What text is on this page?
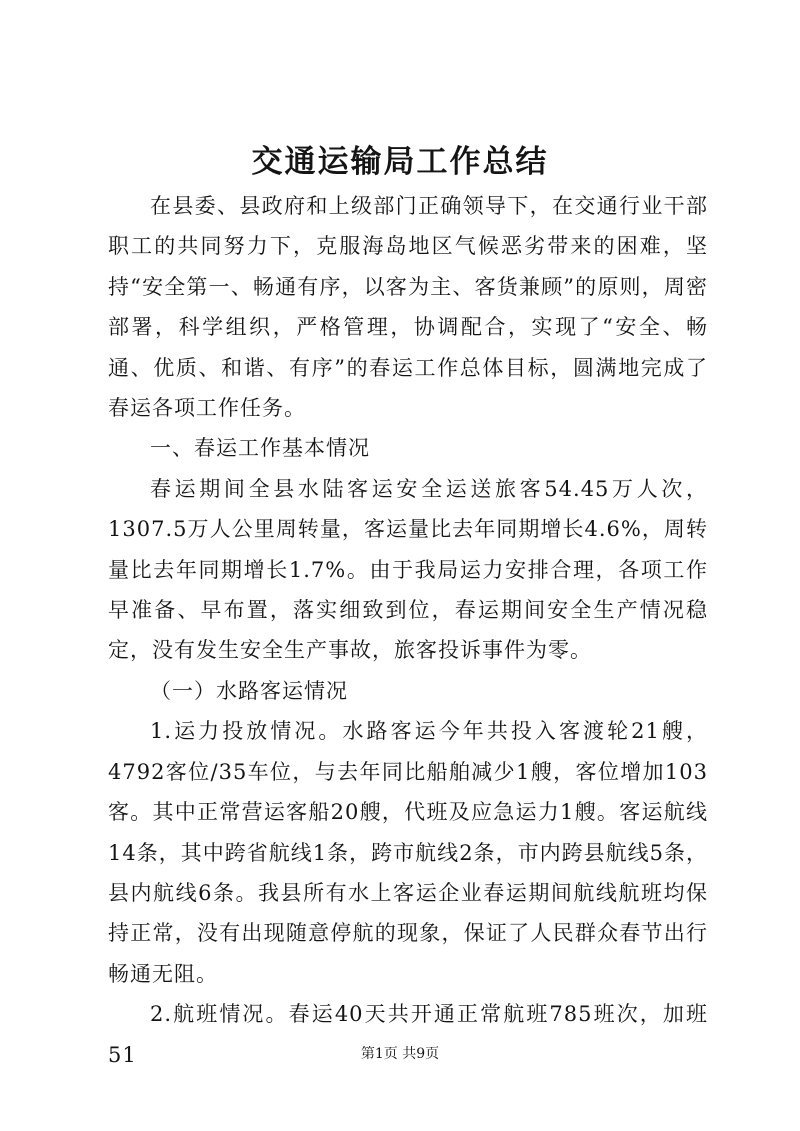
交通运输局工作总结

在县委、县政府和上级部门正确领导下，在交通行业干部职工的共同努力下，克服海岛地区气候恶劣带来的困难，坚持“安全第一、畅通有序，以客为主、客货兼顾”的原则，周密部署，科学组织，严格管理，协调配合，实现了“安全、畅通、优质、和谐、有序”的春运工作总体目标，圆满地完成了春运各项工作任务。

一、春运工作基本情况

春运期间全县水陆客运安全运送旅客54.45万人次，1307.5万人公里周转量，客运量比去年同期增长4.6%，周转量比去年同期增长1.7%。由于我局运力安排合理，各项工作早准备、早布置，落实细致到位，春运期间安全生产情况稳定，没有发生安全生产事故，旅客投诉事件为零。

（一）水路客运情况

1.运力投放情况。水路客运今年共投入客渡轮21艘，4792客位/35车位，与去年同比船舶减少1艘，客位增加103客。其中正常营运客船20艘，代班及应急运力1艘。客运航线14条，其中跨省航线1条，跨市航线2条，市内跨县航线5条，县内航线6条。我县所有水上客运企业春运期间航线航班均保持正常，没有出现随意停航的现象，保证了人民群众春节出行畅通无阻。

2.航班情况。春运40天共开通正常航班785班次，加班51	第1页 共9页
